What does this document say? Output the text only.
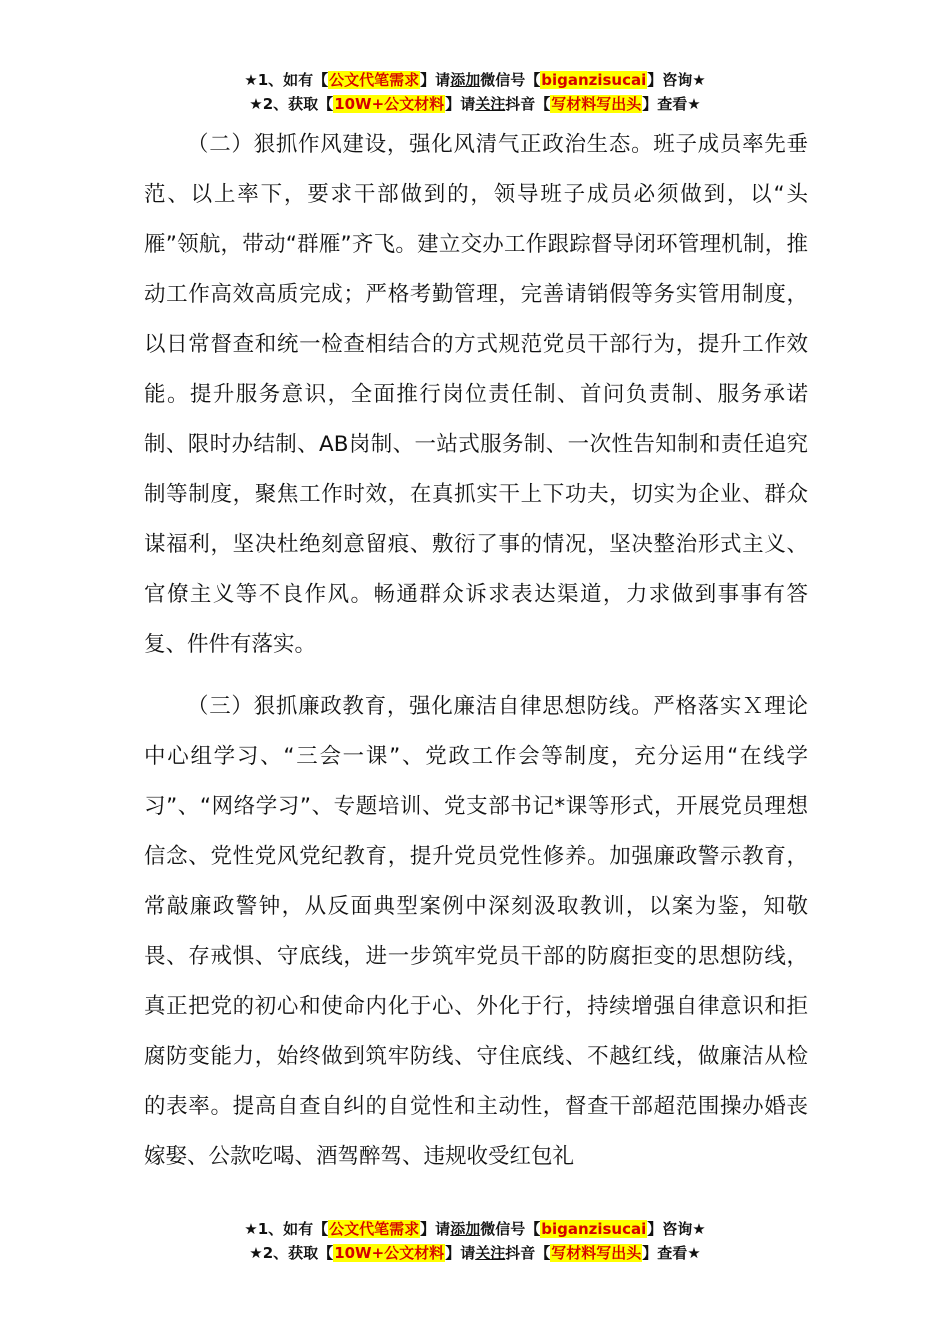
★1、如有【公文代笔需求】请添加微信号【biganzisucai】咨询★
★2、获取【10W+公文材料】请关注抖音【写材料写出头】查看★

（二）狠抓作风建设，强化风清气正政治生态。班子成员率先垂范、以上率下，要求干部做到的，领导班子成员必须做到，以“头雁”领航，带动“群雁”齐飞。建立交办工作跟踪督导闭环管理机制，推动工作高效高质完成；严格考勤管理，完善请销假等务实管用制度，以日常督查和统一检查相结合的方式规范党员干部行为，提升工作效能。提升服务意识，全面推行岗位责任制、首问负责制、服务承诺制、限时办结制、AB岗制、一站式服务制、一次性告知制和责任追究制等制度，聚焦工作时效，在真抓实干上下功夫，切实为企业、群众谋福利，坚决杜绝刻意留痕、敷衍了事的情况，坚决整治形式主义、官僚主义等不良作风。畅通群众诉求表达渠道，力求做到事事有答复、件件有落实。

（三）狠抓廉政教育，强化廉洁自律思想防线。严格落实Ｘ理论中心组学习、“三会一课”、党政工作会等制度，充分运用“在线学习”、“网络学习”、专题培训、党支部书记*课等形式，开展党员理想信念、党性党风党纪教育，提升党员党性修养。加强廉政警示教育，常敲廉政警钟，从反面典型案例中深刻汲取教训，以案为鉴，知敬畏、存戒惧、守底线，进一步筑牢党员干部的防腐拒变的思想防线，真正把党的初心和使命内化于心、外化于行，持续增强自律意识和拒腐防变能力，始终做到筑牢防线、守住底线、不越红线，做廉洁从检的表率。提高自查自纠的自觉性和主动性，督查干部超范围操办婚丧嫁娶、公款吃喝、酒驾醉驾、违规收受红包礼

★1、如有【公文代笔需求】请添加微信号【biganzisucai】咨询★
★2、获取【10W+公文材料】请关注抖音【写材料写出头】查看★
